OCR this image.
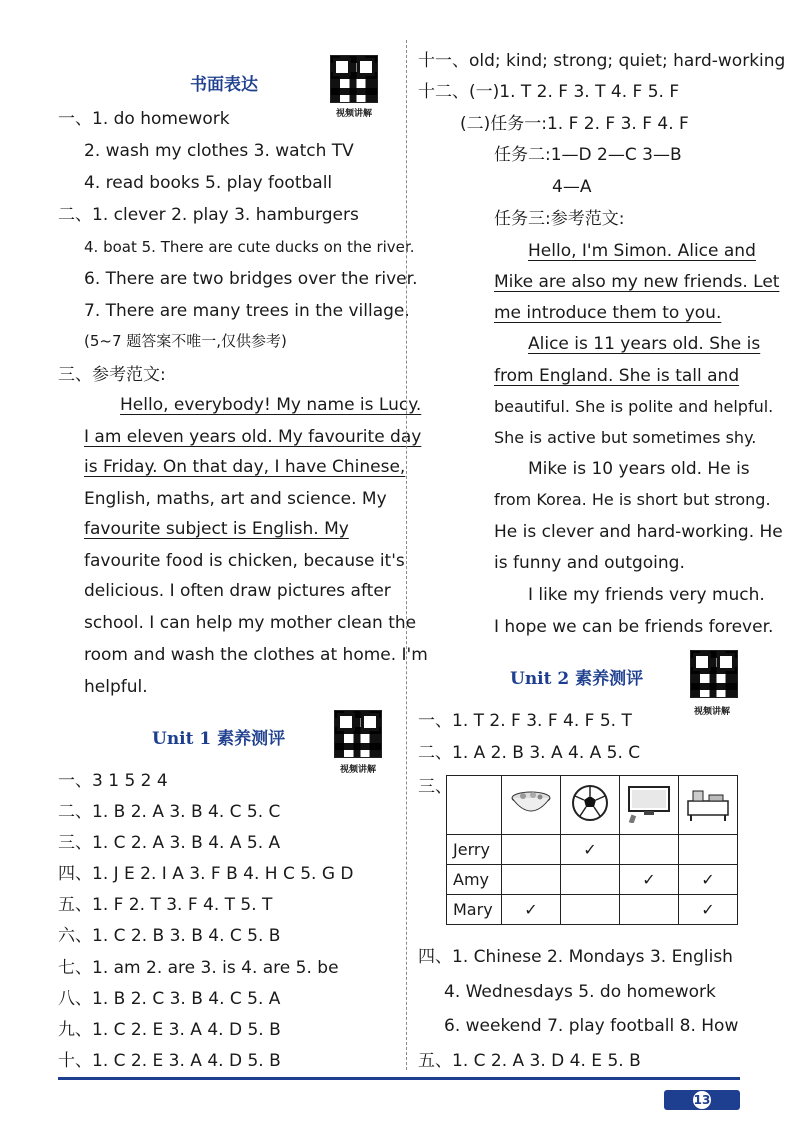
书面表达
视频讲解
一、1. do homework
2. wash my clothes 3. watch TV
4. read books 5. play football
二、1. clever 2. play 3. hamburgers
4. boat 5. There are cute ducks on the river.
6. There are two bridges over the river.
7. There are many trees in the village.
(5~7 题答案不唯一,仅供参考)
三、参考范文:
Hello, everybody! My name is Lucy.
I am eleven years old. My favourite day
is Friday. On that day, I have Chinese,
English, maths, art and science. My
favourite subject is English. My
favourite food is chicken, because it's
delicious. I often draw pictures after
school. I can help my mother clean the
room and wash the clothes at home. I'm
helpful.
Unit 1 素养测评
视频讲解
一、3 1 5 2 4
二、1. B 2. A 3. B 4. C 5. C
三、1. C 2. A 3. B 4. A 5. A
四、1. J E 2. I A 3. F B 4. H C 5. G D
五、1. F 2. T 3. F 4. T 5. T
六、1. C 2. B 3. B 4. C 5. B
七、1. am 2. are 3. is 4. are 5. be
八、1. B 2. C 3. B 4. C 5. A
九、1. C 2. E 3. A 4. D 5. B
十、1. C 2. E 3. A 4. D 5. B
十一、old; kind; strong; quiet; hard-working
十二、(一)1. T 2. F 3. T 4. F 5. F
(二)任务一:1. F 2. F 3. F 4. F
任务二:1—D 2—C 3—B
4—A
任务三:参考范文:
Hello, I'm Simon. Alice and
Mike are also my new friends. Let
me introduce them to you.
Alice is 11 years old. She is
from England. She is tall and
beautiful. She is polite and helpful.
She is active but sometimes shy.
Mike is 10 years old. He is
from Korea. He is short but strong.
He is clever and hard-working. He
is funny and outgoing.
I like my friends very much.
I hope we can be friends forever.
Unit 2 素养测评
视频讲解
一、1. T 2. F 3. F 4. F 5. T
二、1. A 2. B 3. A 4. A 5. C
三、
四、1. Chinese 2. Mondays 3. English
4. Wednesdays 5. do homework
6. weekend 7. play football 8. How
五、1. C 2. A 3. D 4. E 5. B

Jerry		✓		
Amy			✓	✓
Mary	✓			✓
13
